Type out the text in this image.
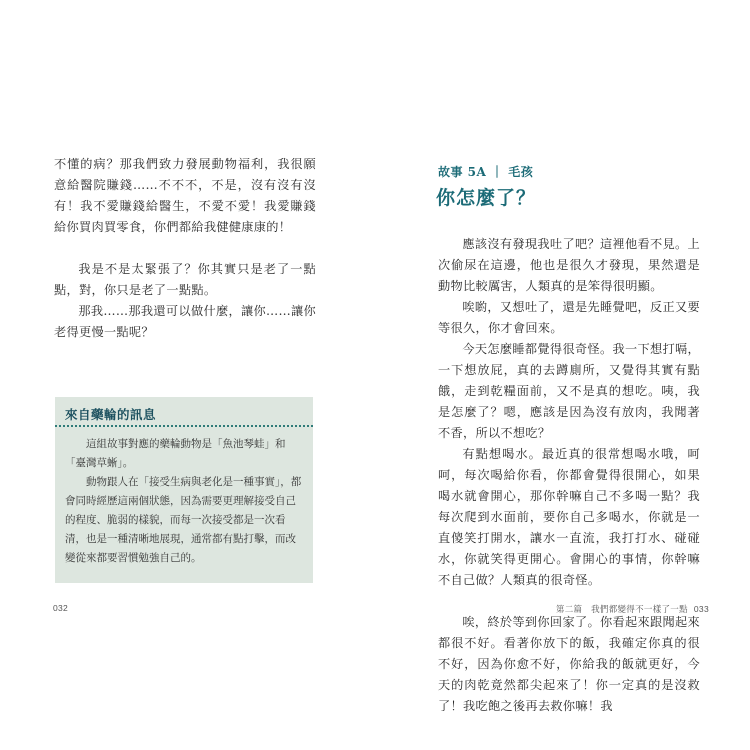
不懂的病？那我們致力發展動物福利，我很願意給醫院賺錢……不不不，不是，沒有沒有沒有！我不愛賺錢給醫生，不愛不愛！我愛賺錢給你買肉買零食，你們都給我健健康康的！

我是不是太緊張了？你其實只是老了一點點，對，你只是老了一點點。

那我……那我還可以做什麼，讓你……讓你老得更慢一點呢？

來自藥輪的訊息

這組故事對應的藥輪動物是「魚池琴蛙」和「臺灣草蜥」。

動物跟人在「接受生病與老化是一種事實」，都會同時經歷這兩個狀態，因為需要更理解接受自己的程度、脆弱的樣貌，而每一次接受都是一次看清，也是一種清晰地展現，通常都有點打擊，而改變從來都要習慣勉強自己的。

032
故事 5A ｜ 毛孩
你怎麼了？

應該沒有發現我吐了吧？這裡他看不見。上次偷尿在這邊，他也是很久才發現，果然還是動物比較厲害，人類真的是笨得很明顯。

唉喲，又想吐了，還是先睡覺吧，反正又要等很久，你才會回來。

今天怎麼睡都覺得很奇怪。我一下想打嗝，一下想放屁，真的去蹲廁所，又覺得其實有點餓，走到乾糧面前，又不是真的想吃。咦，我是怎麼了？嗯，應該是因為沒有放肉，我聞著不香，所以不想吃？

有點想喝水。最近真的很常想喝水哦，呵呵，每次喝給你看，你都會覺得很開心，如果喝水就會開心，那你幹嘛自己不多喝一點？我每次爬到水面前，要你自己多喝水，你就是一直傻笑打開水，讓水一直流，我打打水、碰碰水，你就笑得更開心。會開心的事情，你幹嘛不自己做？人類真的很奇怪。

唉，終於等到你回家了。你看起來跟聞起來都很不好。看著你放下的飯，我確定你真的很不好，因為你愈不好，你給我的飯就更好，今天的肉乾竟然都尖起來了！你一定真的是沒救了！我吃飽之後再去救你嘛！我

第二篇　我們都變得不一樣了一點 033
